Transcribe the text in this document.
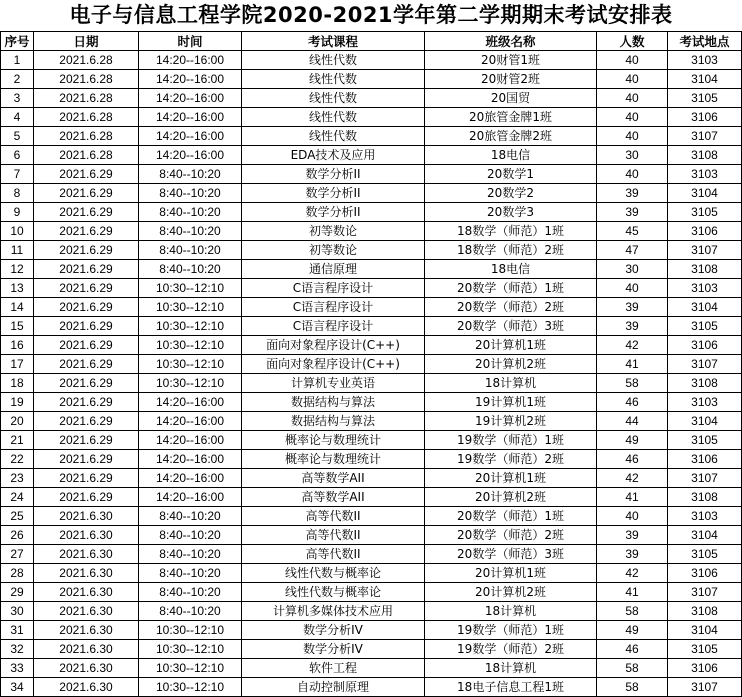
电子与信息工程学院2020-2021学年第二学期期末考试安排表
序号	日期	时间	考试课程	班级名称	人数	考试地点
1	2021.6.28	14:20--16:00	线性代数	20财管1班	40	3103
2	2021.6.28	14:20--16:00	线性代数	20财管2班	40	3104
3	2021.6.28	14:20--16:00	线性代数	20国贸	40	3105
4	2021.6.28	14:20--16:00	线性代数	20旅管金牌1班	40	3106
5	2021.6.28	14:20--16:00	线性代数	20旅管金牌2班	40	3107
6	2021.6.28	14:20--16:00	EDA技术及应用	18电信	30	3108
7	2021.6.29	8:40--10:20	数学分析II	20数学1	40	3103
8	2021.6.29	8:40--10:20	数学分析II	20数学2	39	3104
9	2021.6.29	8:40--10:20	数学分析II	20数学3	39	3105
10	2021.6.29	8:40--10:20	初等数论	18数学（师范）1班	45	3106
11	2021.6.29	8:40--10:20	初等数论	18数学（师范）2班	47	3107
12	2021.6.29	8:40--10:20	通信原理	18电信	30	3108
13	2021.6.29	10:30--12:10	C语言程序设计	20数学（师范）1班	40	3103
14	2021.6.29	10:30--12:10	C语言程序设计	20数学（师范）2班	39	3104
15	2021.6.29	10:30--12:10	C语言程序设计	20数学（师范）3班	39	3105
16	2021.6.29	10:30--12:10	面向对象程序设计(C++)	20计算机1班	42	3106
17	2021.6.29	10:30--12:10	面向对象程序设计(C++)	20计算机2班	41	3107
18	2021.6.29	10:30--12:10	计算机专业英语	18计算机	58	3108
19	2021.6.29	14:20--16:00	数据结构与算法	19计算机1班	46	3103
20	2021.6.29	14:20--16:00	数据结构与算法	19计算机2班	44	3104
21	2021.6.29	14:20--16:00	概率论与数理统计	19数学（师范）1班	49	3105
22	2021.6.29	14:20--16:00	概率论与数理统计	19数学（师范）2班	46	3106
23	2021.6.29	14:20--16:00	高等数学AII	20计算机1班	42	3107
24	2021.6.29	14:20--16:00	高等数学AII	20计算机2班	41	3108
25	2021.6.30	8:40--10:20	高等代数II	20数学（师范）1班	40	3103
26	2021.6.30	8:40--10:20	高等代数II	20数学（师范）2班	39	3104
27	2021.6.30	8:40--10:20	高等代数II	20数学（师范）3班	39	3105
28	2021.6.30	8:40--10:20	线性代数与概率论	20计算机1班	42	3106
29	2021.6.30	8:40--10:20	线性代数与概率论	20计算机2班	41	3107
30	2021.6.30	8:40--10:20	计算机多媒体技术应用	18计算机	58	3108
31	2021.6.30	10:30--12:10	数学分析IV	19数学（师范）1班	49	3104
32	2021.6.30	10:30--12:10	数学分析IV	19数学（师范）2班	46	3105
33	2021.6.30	10:30--12:10	软件工程	18计算机	58	3106
34	2021.6.30	10:30--12:10	自动控制原理	18电子信息工程1班	58	3107
